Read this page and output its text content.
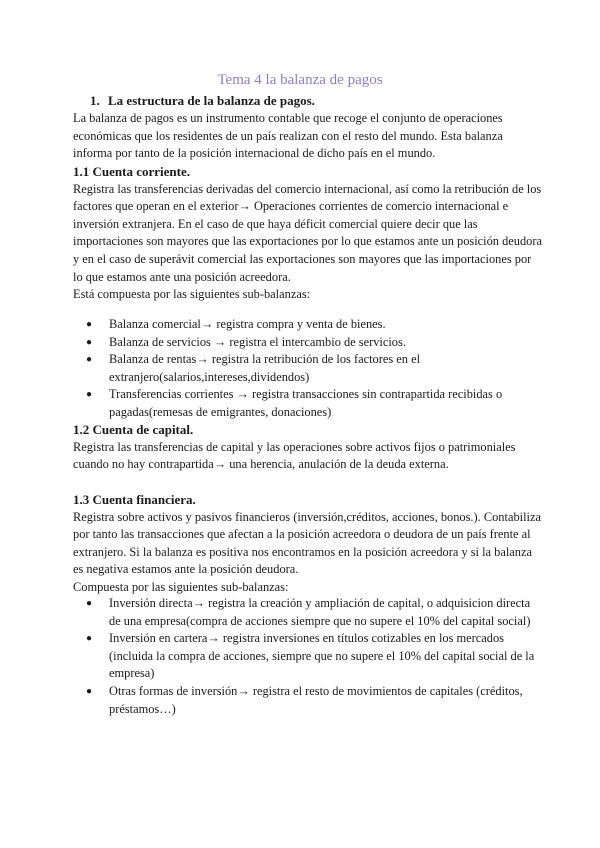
Tema 4 la balanza de pagos
1. La estructura de la balanza de pagos.

La balanza de pagos es un instrumento contable que recoge el conjunto de operaciones económicas que los residentes de un país realizan con el resto del mundo. Esta balanza informa por tanto de la posición internacional de dicho país en el mundo.

1.1 Cuenta corriente.

Registra las transferencias derivadas del comercio internacional, así como la retribución de los factores que operan en el exterior→ Operaciones corrientes de comercio internacional e inversión extranjera. En el caso de que haya déficit comercial quiere decir que las importaciones son mayores que las exportaciones por lo que estamos ante un posición deudora y en el caso de superávit comercial las exportaciones son mayores que las importaciones por lo que estamos ante una posición acreedora.

Está compuesta por las siguientes sub-balanzas:

● Balanza comercial→ registra compra y venta de bienes.
● Balanza de servicios → registra el intercambio de servicios.
● Balanza de rentas→ registra la retribución de los factores en el extranjero(salarios,intereses,dividendos)
● Transferencias corrientes → registra transacciones sin contrapartida recibidas o pagadas(remesas de emigrantes, donaciones)
1.2 Cuenta de capital.

Registra las transferencias de capital y las operaciones sobre activos fijos o patrimoniales cuando no hay contrapartida→ una herencia, anulación de la deuda externa.

1.3 Cuenta financiera.

Registra sobre activos y pasivos financieros (inversión,créditos, acciones, bonos.). Contabiliza por tanto las transacciones que afectan a la posición acreedora o deudora de un país frente al extranjero. Si la balanza es positiva nos encontramos en la posición acreedora y si la balanza es negativa estamos ante la posición deudora.

Compuesta por las siguientes sub-balanzas:

● Inversión directa→ registra la creación y ampliación de capital, o adquisicion directa de una empresa(compra de acciones siempre que no supere el 10% del capital social)
● Inversión en cartera→ registra inversiones en títulos cotizables en los mercados (incluida la compra de acciones, siempre que no supere el 10% del capital social de la empresa)
● Otras formas de inversión→ registra el resto de movimientos de capitales (créditos, préstamos…)
